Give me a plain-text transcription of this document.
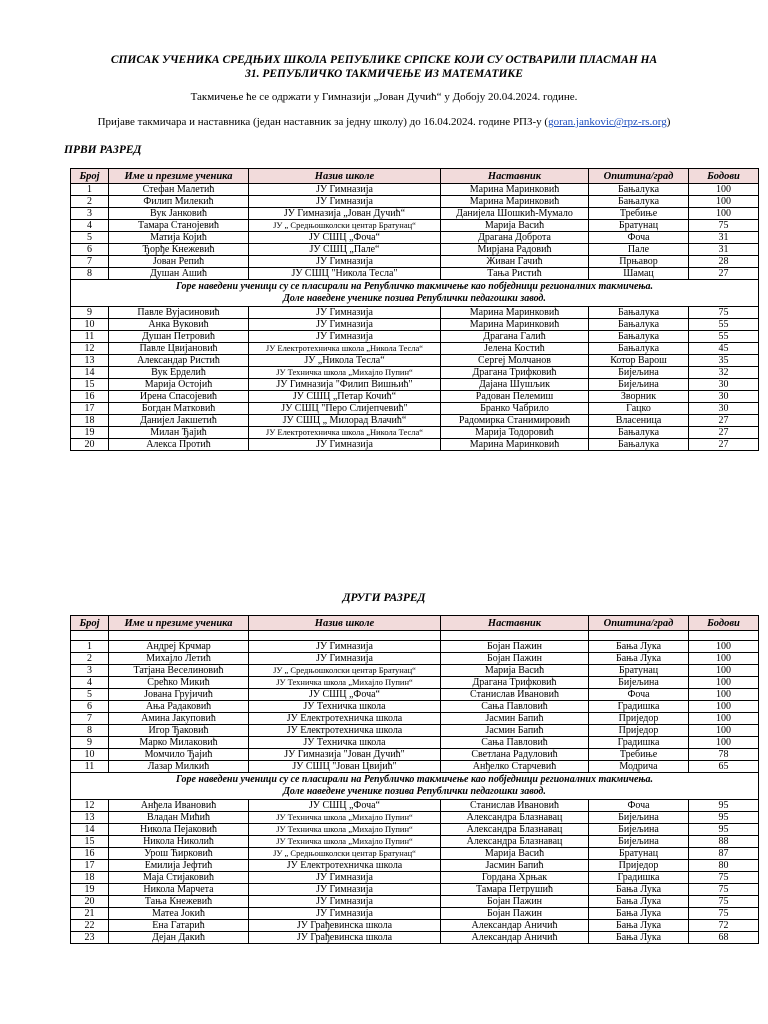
СПИСАК УЧЕНИКА СРЕДЊИХ ШКОЛА РЕПУБЛИКЕ СРПСКЕ КОЈИ СУ ОСТВАРИЛИ ПЛАСМАН НА
31. РЕПУБЛИЧКО ТАКМИЧЕЊЕ ИЗ МАТЕМАТИКЕ
Такмичење ће се одржати у Гимназији „Јован Дучић“ у Добоју 20.04.2024. године.
Пријаве такмичара и наставника (један наставник за једну школу) до 16.04.2024. године РПЗ-у (goran.jankovic@rpz-rs.org)
ПРВИ РАЗРЕД
Број	Име и презиме ученика	Назив школе	Наставник	Општина/град	Бодови
1	Стефан Малетић	ЈУ Гимназија	Марина Маринковић	Бањалука	100
2	Филип Милекић	ЈУ Гимназија	Марина Маринковић	Бањалука	100
3	Вук Јанковић	ЈУ Гимназија „Јован Дучић“	Данијела Шошкић-Мумало	Требиње	100
4	Тамара Станојевић	ЈУ „ Средњошколски центар Братунац“	Марија Васић	Братунац	75
5	Матија Којић	ЈУ СШЦ „Фоча“	Драгана Доброта	Фоча	31
6	Ђорђе Кнежевић	ЈУ СШЦ „Пале“	Мирјана Радовић	Пале	31
7	Јован Репић	ЈУ Гимназија	Живан Гачић	Прњавор	28
8	Душан Ашић	ЈУ СШЦ "Никола Тесла"	Тања Ристић	Шамац	27

Горе наведени ученици су се пласирали на Републичко такмичење као побједници регионалних такмичења.
Доле наведене ученике позива Републички педагошки завод.					

9	Павле Вујасиновић	ЈУ Гимназија	Марина Маринковић	Бањалука	75
10	Анка Вуковић	ЈУ Гимназија	Марина Маринковић	Бањалука	55
11	Душан Петровић	ЈУ Гимназија	Драгана Галић	Бањалука	55
12	Павле Цвијановић	ЈУ Електротехничка школа „Никола Тесла“	Јелена Костић	Бањалука	45
13	Александар Ристић	ЈУ „Никола Тесла“	Сергеј Молчанов	Котор Варош	35
14	Вук Ерделић	ЈУ Техничка школа „Михајло Пупин“	Драгана Трифковић	Бијељина	32
15	Марија Остојић	ЈУ Гимназија "Филип Вишњић"	Дајана Шушљик	Бијељина	30
16	Ирена Спасојевић	ЈУ СШЦ „Петар Кочић“	Радован Пелемиш	Зворник	30
17	Богдан Матковић	ЈУ СШЦ "Перо Слијепчевић"	Бранко Чабрило	Гацко	30
18	Данијел Јакшетић	ЈУ СШЦ „ Милорад Влачић“	Радомирка Станимировић	Власеница	27
19	Милан Ђајић	ЈУ Електротехничка школа „Никола Тесла“	Марија Тодоровић	Бањалука	27
20	Алекса Протић	ЈУ Гимназија	Марина Маринковић	Бањалука	27
ДРУГИ РАЗРЕД
Број	Име и презиме ученика	Назив школе	Наставник	Општина/град	Бодови

1	Андреј Крчмар	ЈУ Гимназија	Бојан Пажин	Бања Лука	100
2	Михајло Летић	ЈУ Гимназија	Бојан Пажин	Бања Лука	100
3	Татјана Веселиновић	ЈУ „ Средњошколски центар Братунац“	Марија Васић	Братунац	100
4	Срећко Микић	ЈУ Техничка школа „Михајло Пупин“	Драгана Трифковић	Бијељина	100
5	Јована Грујичић	ЈУ СШЦ „Фоча“	Станислав Ивановић	Фоча	100
6	Ања Радаковић	ЈУ Техничка школа	Сања Павловић	Градишка	100
7	Амина Јакуповић	ЈУ Електротехничка школа	Јасмин Бапић	Приједор	100
8	Игор Ђаковић	ЈУ Електротехничка школа	Јасмин Бапић	Приједор	100
9	Марко Милаковић	ЈУ Техничка школа	Сања Павловић	Градишка	100
10	Момчило Ђајић	ЈУ Гимназија "Јован Дучић"	Светлана Радуловић	Требиње	78
11	Лазар Милкић	ЈУ СШЦ "Јован Цвијић"	Анђелко Старчевић	Модрича	65

Горе наведени ученици су се пласирали на Републичко такмичење као побједници регионалних такмичења.
Доле наведене ученике позива Републички педагошки завод.					

12	Анђела Ивановић	ЈУ СШЦ „Фоча“	Станислав Ивановић	Фоча	95
13	Владан Мићић	ЈУ Техничка школа „Михајло Пупин“	Александра Блазнавац	Бијељина	95
14	Никола Пејаковић	ЈУ Техничка школа „Михајло Пупин“	Александра Блазнавац	Бијељина	95
15	Никола Николић	ЈУ Техничка школа „Михајло Пупин“	Александра Блазнавац	Бијељина	88
16	Урош Ћирковић	ЈУ „ Средњошколски центар Братунац“	Марија Васић	Братунац	87
17	Емилија Јефтић	ЈУ Електротехничка школа	Јасмин Бапић	Приједор	80
18	Маја Стијаковић	ЈУ Гимназија	Гордана Хрњак	Градишка	75
19	Никола Марчета	ЈУ Гимназија	Тамара Петрушић	Бања Лука	75
20	Тања Кнежевић	ЈУ Гимназија	Бојан Пажин	Бања Лука	75
21	Матеа Јокић	ЈУ Гимназија	Бојан Пажин	Бања Лука	75
22	Ена Гатарић	ЈУ Грађевинска школа	Александар Аничић	Бања Лука	72
23	Дејан Дакић	ЈУ Грађевинска школа	Александар Аничић	Бања Лука	68
